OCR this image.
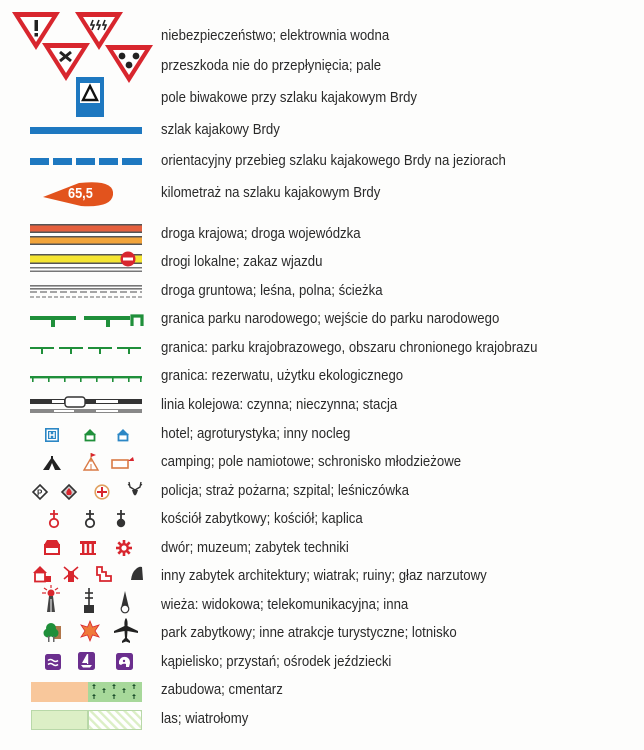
65,5
P
niebezpieczeństwo; elektrownia wodna
przeszkoda nie do przepłynięcia; pale
pole biwakowe przy szlaku kajakowym Brdy
szlak kajakowy Brdy
orientacyjny przebieg szlaku kajakowego Brdy na jeziorach
kilometraż na szlaku kajakowym Brdy
droga krajowa; droga wojewódzka
drogi lokalne; zakaz wjazdu
droga gruntowa; leśna, polna; ścieżka
granica parku narodowego; wejście do parku narodowego
granica: parku krajobrazowego, obszaru chronionego krajobrazu
granica: rezerwatu, użytku ekologicznego
linia kolejowa: czynna; nieczynna; stacja
hotel; agroturystyka; inny nocleg
camping; pole namiotowe; schronisko młodzieżowe
policja; straż pożarna; szpital; leśniczówka
kościół zabytkowy; kościół; kaplica
dwór; muzeum; zabytek techniki
inny zabytek architektury; wiatrak; ruiny; głaz narzutowy
wieża: widokowa; telekomunikacyjna; inna
park zabytkowy; inne atrakcje turystyczne; lotnisko
kąpielisko; przystań; ośrodek jeździecki
zabudowa; cmentarz
las; wiatrołomy
